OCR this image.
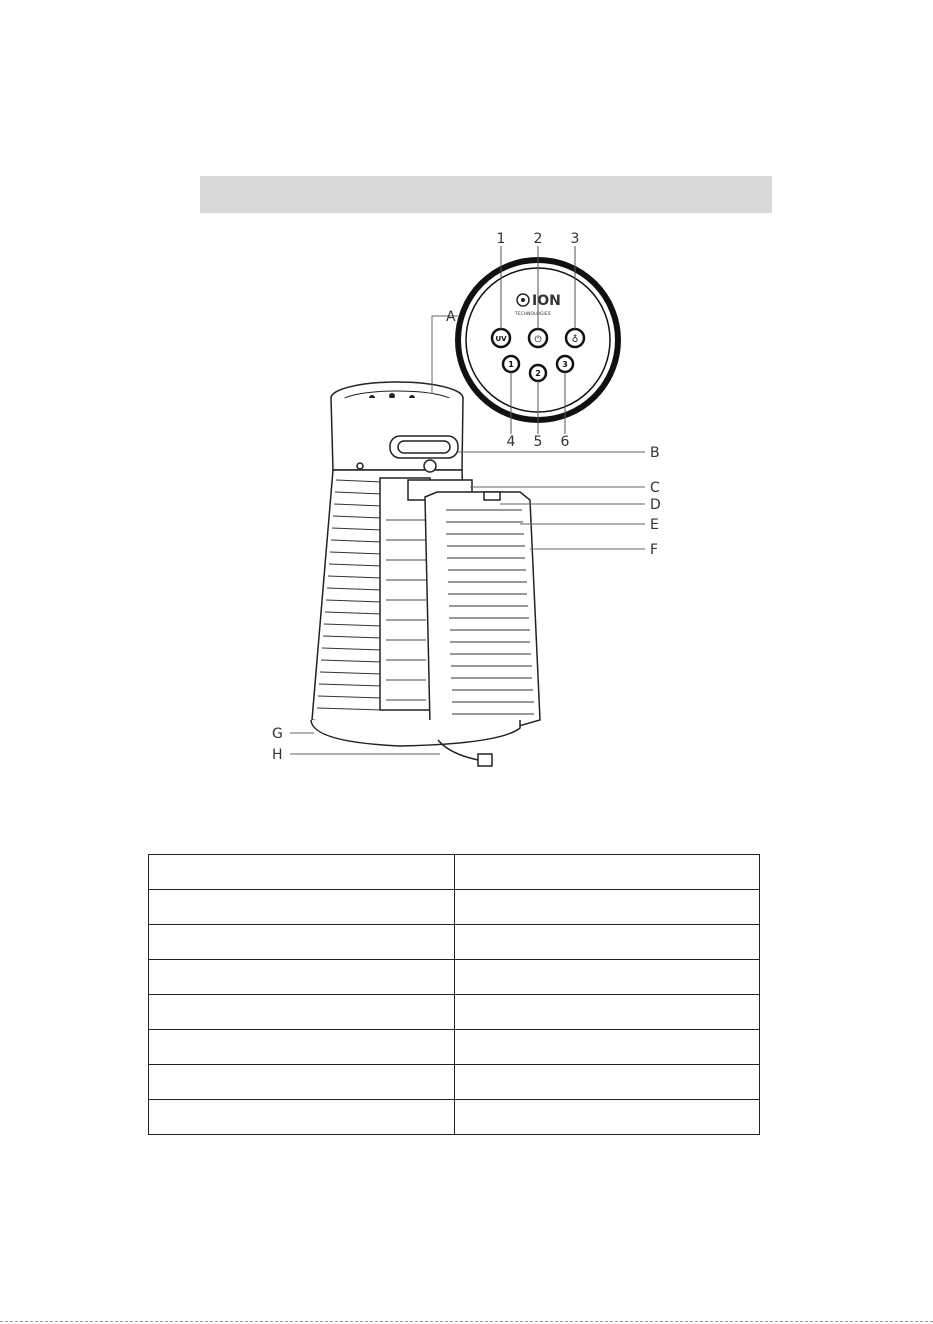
ION
TECHNOLOGIES
UV	⏻	♁
1
2
3
1 2 3
4 5 6
A
B
C
D
E
F
G
H
